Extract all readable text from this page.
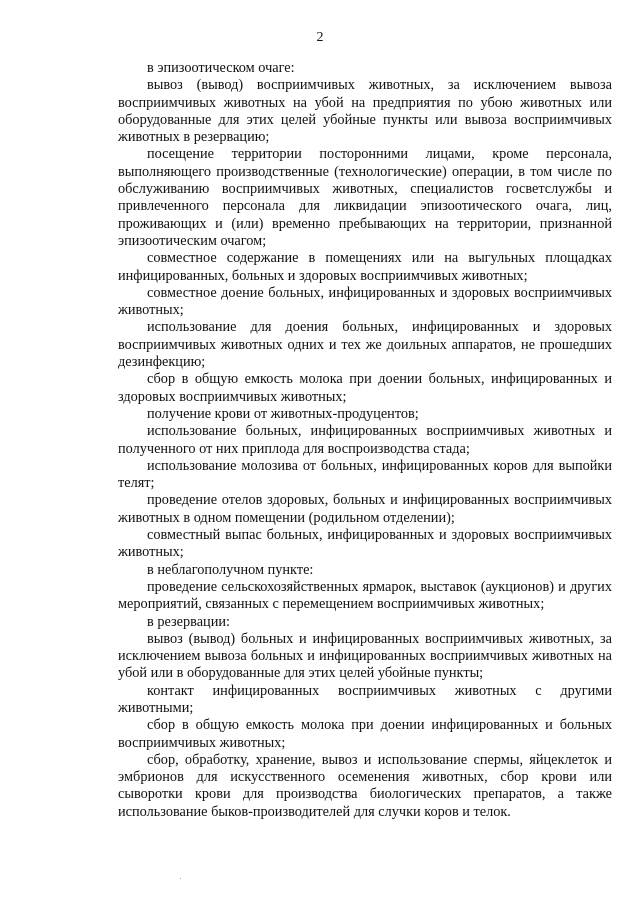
2

в эпизоотическом очаге:

вывоз (вывод) восприимчивых животных, за исключением вывоза восприимчивых животных на убой на предприятия по убою животных или оборудованные для этих целей убойные пункты или вывоза восприимчивых животных в резервацию;

посещение территории посторонними лицами, кроме персонала, выполняющего производственные (технологические) операции, в том числе по обслуживанию восприимчивых животных, специалистов госветслужбы и привлеченного персонала для ликвидации эпизоотического очага, лиц, проживающих и (или) временно пребывающих на территории, признанной эпизоотическим очагом;

совместное содержание в помещениях или на выгульных площадках инфицированных, больных и здоровых восприимчивых животных;

совместное доение больных, инфицированных и здоровых восприимчивых животных;

использование для доения больных, инфицированных и здоровых восприимчивых животных одних и тех же доильных аппаратов, не прошедших дезинфекцию;

сбор в общую емкость молока при доении больных, инфицированных и здоровых восприимчивых животных;

получение крови от животных-продуцентов;

использование больных, инфицированных восприимчивых животных и полученного от них приплода для воспроизводства стада;

использование молозива от больных, инфицированных коров для выпойки телят;

проведение отелов здоровых, больных и инфицированных восприимчивых животных в одном помещении (родильном отделении);

совместный выпас больных, инфицированных и здоровых восприимчивых животных;

в неблагополучном пункте:

проведение сельскохозяйственных ярмарок, выставок (аукционов) и других мероприятий, связанных с перемещением восприимчивых животных;

в резервации:

вывоз (вывод) больных и инфицированных восприимчивых животных, за исключением вывоза больных и инфицированных восприимчивых животных на убой или в оборудованные для этих целей убойные пункты;

контакт инфицированных восприимчивых животных с другими животными;

сбор в общую емкость молока при доении инфицированных и больных восприимчивых животных;

сбор, обработку, хранение, вывоз и использование спермы, яйцеклеток и эмбрионов для искусственного осеменения животных, сбор крови или сыворотки крови для производства биологических препаратов, а также использование быков-производителей для случки коров и телок.
